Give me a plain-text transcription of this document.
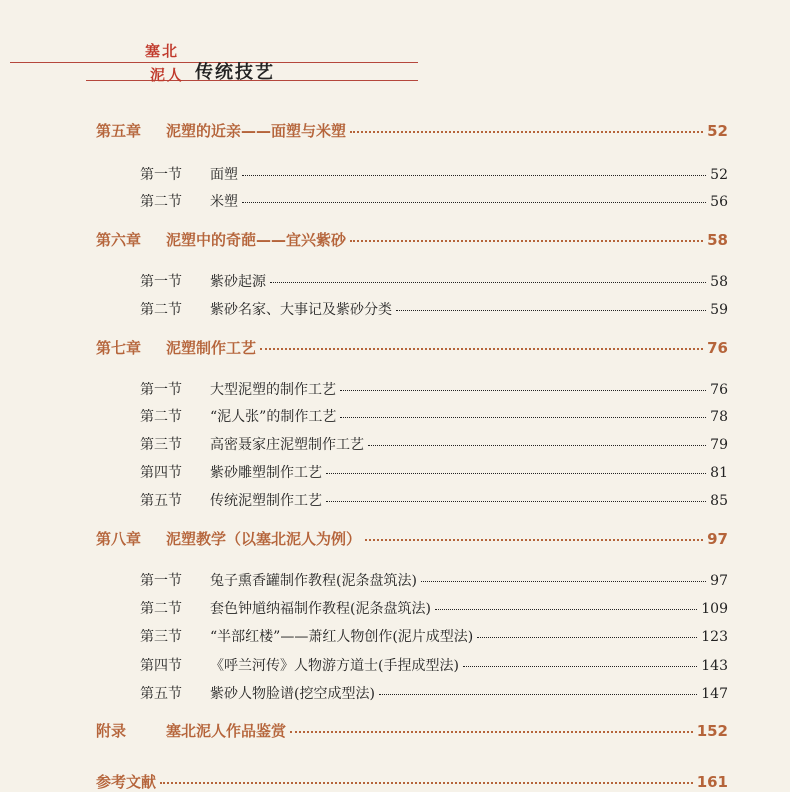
塞北
泥人 传统技艺
第五章	泥塑的近亲——面塑与米塑	52
第一节	面塑	52
第二节	米塑	56
第六章	泥塑中的奇葩——宜兴紫砂	58
第一节	紫砂起源	58
第二节	紫砂名家、大事记及紫砂分类	59
第七章	泥塑制作工艺	76
第一节	大型泥塑的制作工艺	76
第二节	“泥人张”的制作工艺	78
第三节	高密聂家庄泥塑制作工艺	79
第四节	紫砂雕塑制作工艺	81
第五节	传统泥塑制作工艺	85
第八章	泥塑教学（以塞北泥人为例）	97
第一节	兔子熏香罐制作教程(泥条盘筑法)	97
第二节	套色钟馗纳福制作教程(泥条盘筑法)	109
第三节	“半部红楼”——萧红人物创作(泥片成型法)	123
第四节	《呼兰河传》人物游方道士(手捏成型法)	143
第五节	紫砂人物脸谱(挖空成型法)	147
附录	塞北泥人作品鉴赏	152
参考文献	161
